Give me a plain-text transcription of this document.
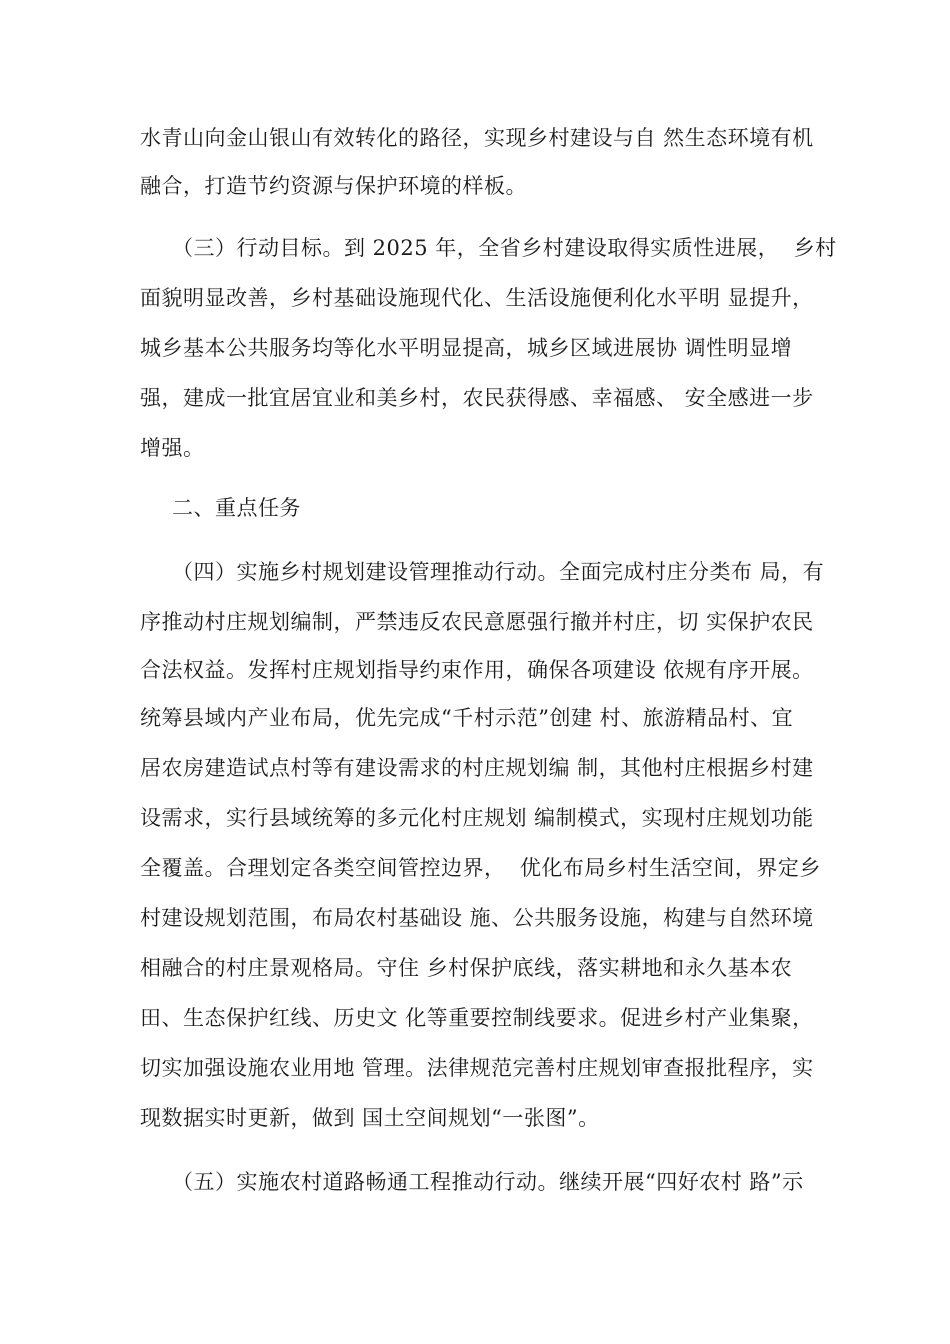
水青山向金山银山有效转化的路径，实现乡村建设与自 然生态环境有机
融合，打造节约资源与保护环境的样板。
（三）行动目标。到 2025 年，全省乡村建设取得实质性进展，  乡村
面貌明显改善，乡村基础设施现代化、生活设施便利化水平明 显提升，
城乡基本公共服务均等化水平明显提高，城乡区域进展协 调性明显增
强，建成一批宜居宜业和美乡村，农民获得感、幸福感、 安全感进一步
增强。
二、重点任务
（四）实施乡村规划建设管理推动行动。全面完成村庄分类布 局，有
序推动村庄规划编制，严禁违反农民意愿强行撤并村庄，切 实保护农民
合法权益。发挥村庄规划指导约束作用，确保各项建设 依规有序开展。
统筹县域内产业布局，优先完成“千村示范”创建 村、旅游精品村、宜
居农房建造试点村等有建设需求的村庄规划编 制，其他村庄根据乡村建
设需求，实行县域统筹的多元化村庄规划 编制模式，实现村庄规划功能
全覆盖。合理划定各类空间管控边界，  优化布局乡村生活空间，界定乡
村建设规划范围，布局农村基础设 施、公共服务设施，构建与自然环境
相融合的村庄景观格局。守住 乡村保护底线，落实耕地和永久基本农
田、生态保护红线、历史文 化等重要控制线要求。促进乡村产业集聚，
切实加强设施农业用地 管理。法律规范完善村庄规划审查报批程序，实
现数据实时更新，做到 国土空间规划“一张图”。
（五）实施农村道路畅通工程推动行动。继续开展“四好农村 路”示
